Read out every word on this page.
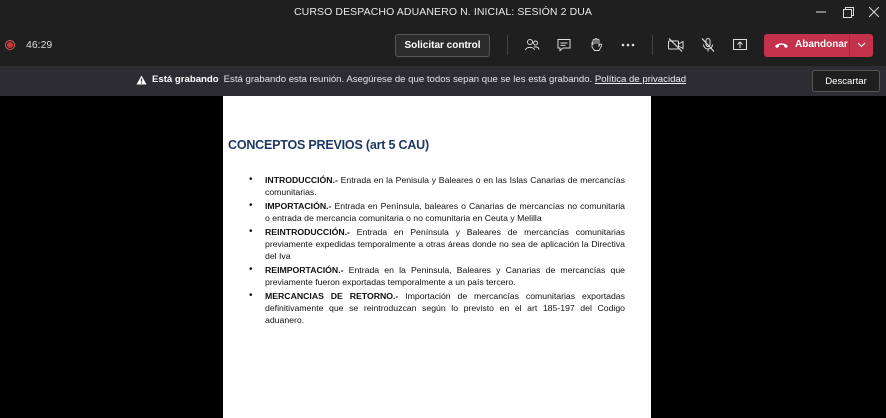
CURSO DESPACHO ADUANERO N. INICIAL: SESIÓN 2 DUA
46:29	Solicitar control	Abandonar
Está grabando Está grabando esta reunión. Asegúrese de que todos sepan que se les está grabando. Política de privacidad	Descartar
CONCEPTOS PREVIOS (art 5 CAU)
• INTRODUCCIÓN.- Entrada en la Penisula y Baleares o en las Islas Canarias de mercancías comunitarias.
• IMPORTACIÓN.- Entrada en Península, baleares o Canarias de mercancías no comunitaria o entrada de mercancia comunitaria o no comunitaria en Ceuta y Melilla
• REINTRODUCCIÓN.- Entrada en Península y Baleares de mercancías comunitarias previamente expedidas temporalmente a otras áreas donde no sea de aplicación la Directiva del Iva
• REIMPORTACIÓN.- Entrada en la Peninsula, Baleares y Canarias de mercancías que previamente fueron exportadas temporalmente a un país tercero.
• MERCANCIAS DE RETORNO.- Importación de mercancías comunitarias exportadas definitivamente que se reintroduzcan según lo previsto en el art 185-197 del Codigo aduanero.
